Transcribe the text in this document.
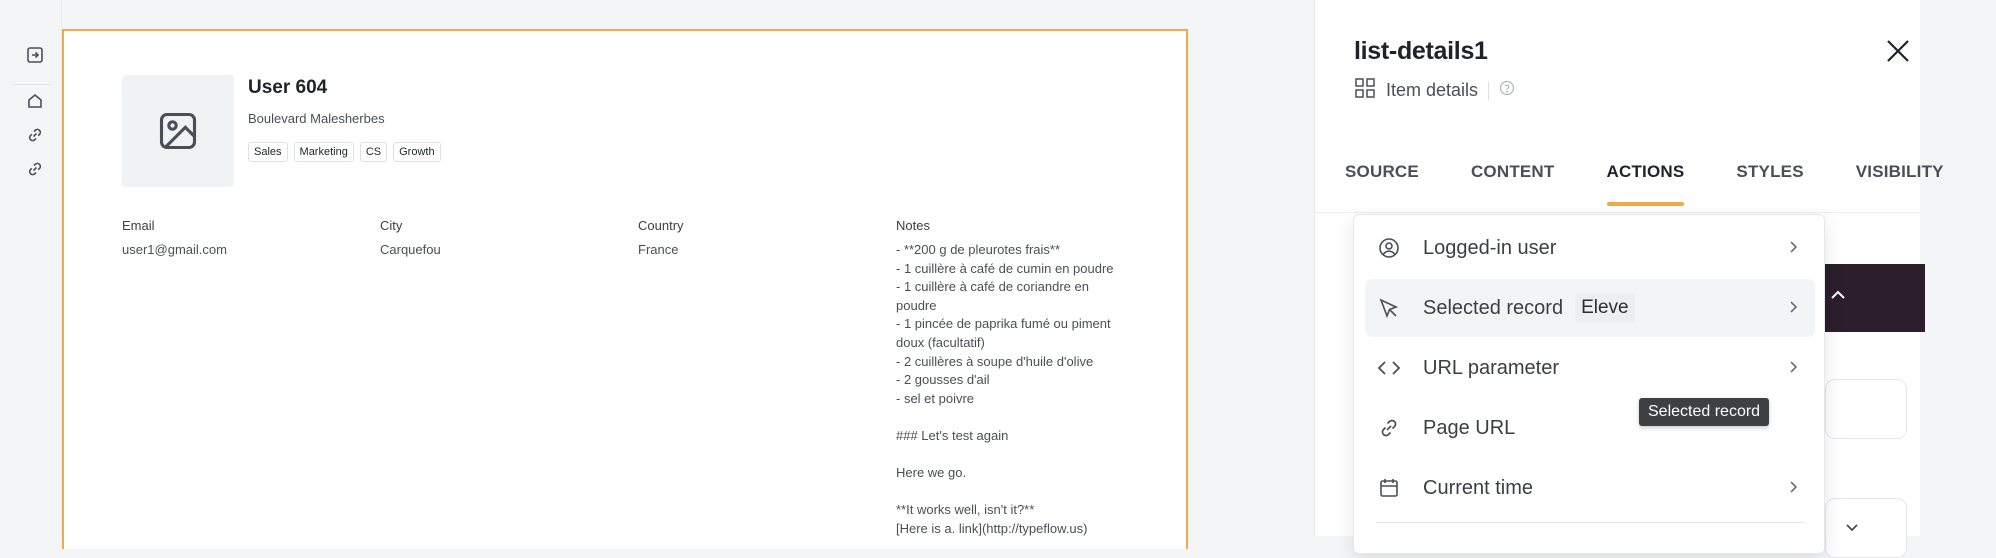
User 604
Boulevard Malesherbes
Sales	Marketing	CS	Growth
Email
user1@gmail.com
City
Carquefou
Country
France
Notes
- **200 g de pleurotes frais**
- 1 cuillère à café de cumin en poudre
- 1 cuillère à café de coriandre en
poudre
- 1 pincée de paprika fumé ou piment
doux (facultatif)
- 2 cuillères à soupe d'huile d'olive
- 2 gousses d'ail
- sel et poivre
### Let's test again
Here we go.
**It works well, isn't it?**
[Here is a. link](http://typeflow.us)
list-details1
Item details
SOURCE	CONTENT	ACTIONS	STYLES	VISIBILITY
Logged-in user
Selected record Eleve
URL parameter
Page URL
Current time
Selected record
